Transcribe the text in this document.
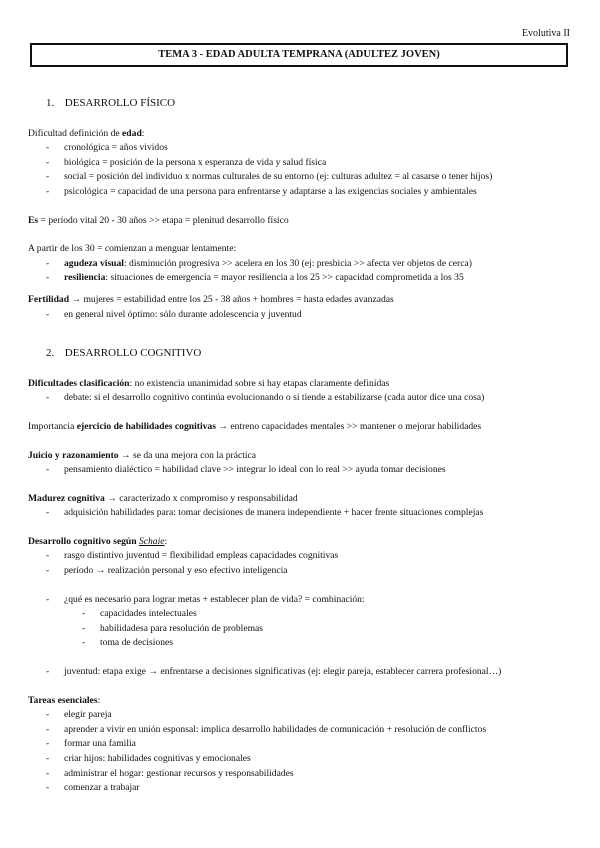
Evolutiva II
TEMA 3 - EDAD ADULTA TEMPRANA (ADULTEZ JOVEN)
1. DESARROLLO FÍSICO
Dificultad definición de edad:
- cronológica = años vividos
- biológica = posición de la persona x esperanza de vida y salud física
- social = posición del individuo x normas culturales de su entorno (ej: culturas adultez = al casarse o tener hijos)
- psicológica = capacidad de una persona para enfrentarse y adaptarse a las exigencias sociales y ambientales
Es = período vital 20 - 30 años >> etapa = plenitud desarrollo físico
A partir de los 30 = comienzan a menguar lentamente:
- agudeza visual: disminución progresiva >> acelera en los 30 (ej: presbicia >> afecta ver objetos de cerca)
- resiliencia: situaciones de emergencia = mayor resiliencia a los 25 >> capacidad comprometida a los 35
Fertilidad → mujeres = estabilidad entre los 25 - 38 años + hombres = hasta edades avanzadas
- en general nivel óptimo: sólo durante adolescencia y juventud
2. DESARROLLO COGNITIVO
Dificultades clasificación: no existencia unanimidad sobre si hay etapas claramente definidas
- debate: si el desarrollo cognitivo continúa evolucionando o si tiende a estabilizarse (cada autor dice una cosa)
Importancia ejercicio de habilidades cognitivas → entreno capacidades mentales >> mantener o mejorar habilidades
Juicio y razonamiento → se da una mejora con la práctica
- pensamiento dialéctico = habilidad clave >> integrar lo ideal con lo real >> ayuda tomar decisiones
Madurez cognitiva → caracterizado x compromiso y responsabilidad
- adquisición habilidades para: tomar decisiones de manera independiente + hacer frente situaciones complejas
Desarrollo cognitivo según Schaie:
- rasgo distintivo juventud = flexibilidad empleas capacidades cognitivas
- período → realización personal y eso efectivo inteligencia
- ¿qué es necesario para lograr metas + establecer plan de vida? = combinación:
- capacidades intelectuales
- habilidadesa para resolución de problemas
- toma de decisiones
- juventud: etapa exige → enfrentarse a decisiones significativas (ej: elegir pareja, establecer carrera profesional…)
Tareas esenciales:
- elegir pareja
- aprender a vivir en unión esponsal: implica desarrollo habilidades de comunicación + resolución de conflictos
- formar una familia
- criar hijos: habilidades cognitivas y emocionales
- administrar el hogar: gestionar recursos y responsabilidades
- comenzar a trabajar
